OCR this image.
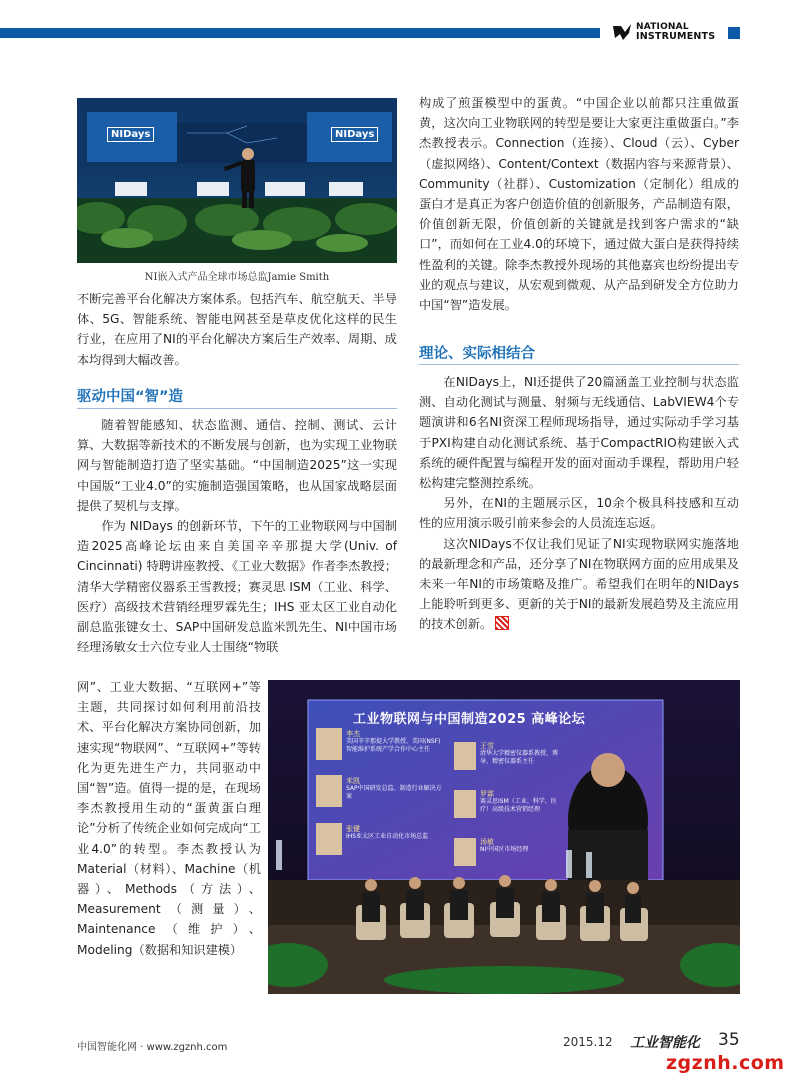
NATIONAL
INSTRUMENTS
NIDays	NIDays
NI嵌入式产品全球市场总监Jamie Smith

不断完善平台化解决方案体系。包括汽车、航空航天、半导体、5G、智能系统、智能电网甚至是草皮优化这样的民生行业，在应用了NI的平台化解决方案后生产效率、周期、成本均得到大幅改善。

驱动中国“智”造

随着智能感知、状态监测、通信、控制、测试、云计算、大数据等新技术的不断发展与创新，也为实现工业物联网与智能制造打造了坚实基础。“中国制造2025”这一实现中国版“工业4.0”的实施制造强国策略，也从国家战略层面提供了契机与支撑。

作为 NIDays 的创新环节，下午的工业物联网与中国制造2025高峰论坛由来自美国辛辛那提大学(Univ. of Cincinnati) 特聘讲座教授、《工业大数据》作者李杰教授；清华大学精密仪器系王雪教授；赛灵思 ISM（工业、科学、医疗）高级技术营销经理罗霖先生；IHS 亚太区工业自动化副总监张键女士、SAP中国研发总监米凯先生、NI中国市场经理汤敏女士六位专业人士围绕“物联

网”、工业大数据、“互联网+”等主题，共同探讨如何利用前沿技术、平台化解决方案协同创新，加速实现“物联网”、“互联网+”等转化为更先进生产力，共同驱动中国“智”造。值得一提的是，在现场李杰教授用生动的“蛋黄蛋白理论”分析了传统企业如何完成向“工业4.0”的转型。李杰教授认为Material（材料）、Machine（机器）、Methods（方法）、Measurement（测量）、Maintenance（维护）、Modeling（数据和知识建模）

构成了煎蛋模型中的蛋黄。“中国企业以前都只注重做蛋黄，这次向工业物联网的转型是要让大家更注重做蛋白。”李杰教授表示。Connection（连接）、Cloud（云）、Cyber（虚拟网络）、Content/Context（数据内容与来源背景）、Community（社群）、Customization（定制化）组成的蛋白才是真正为客户创造价值的创新服务，产品制造有限，价值创新无限，价值创新的关键就是找到客户需求的“缺口”，而如何在工业4.0的环境下，通过做大蛋白是获得持续性盈利的关键。除李杰教授外现场的其他嘉宾也纷纷提出专业的观点与建议，从宏观到微观、从产品到研发全方位助力中国“智”造发展。

理论、实际相结合

在NIDays上，NI还提供了20篇涵盖工业控制与状态监测、自动化测试与测量、射频与无线通信、LabVIEW4个专题演讲和6名NI资深工程师现场指导，通过实际动手学习基于PXI构建自动化测试系统、基于CompactRIO构建嵌入式系统的硬件配置与编程开发的面对面动手课程，帮助用户轻松构建完整测控系统。

另外，在NI的主题展示区，10余个极具科技感和互动性的应用演示吸引前来参会的人员流连忘返。

这次NIDays不仅让我们见证了NI实现物联网实施落地的最新理念和产品，还分享了NI在物联网方面的应用成果及未来一年NI的市场策略及推广。希望我们在明年的NIDays上能聆听到更多、更新的关于NI的最新发展趋势及主流应用的技术创新。

工业物联网与中国制造2025 高峰论坛
李杰
美国辛辛那提大学教授、美国(NSF)智能维护系统产学合作中心主任
米凯
SAP中国研发总监、制造行业解决方案
张键
IHS亚太区工业自动化市场总监
王雪
清华大学精密仪器系教授、博导、精密仪器系主任
罗霖
赛灵思ISM（工业、科学、医疗）高级技术营销经理
汤敏
NI中国区市场经理
中国智能化网 · www.zgznh.com	2015.12 工业智能化 35
zgznh.com
